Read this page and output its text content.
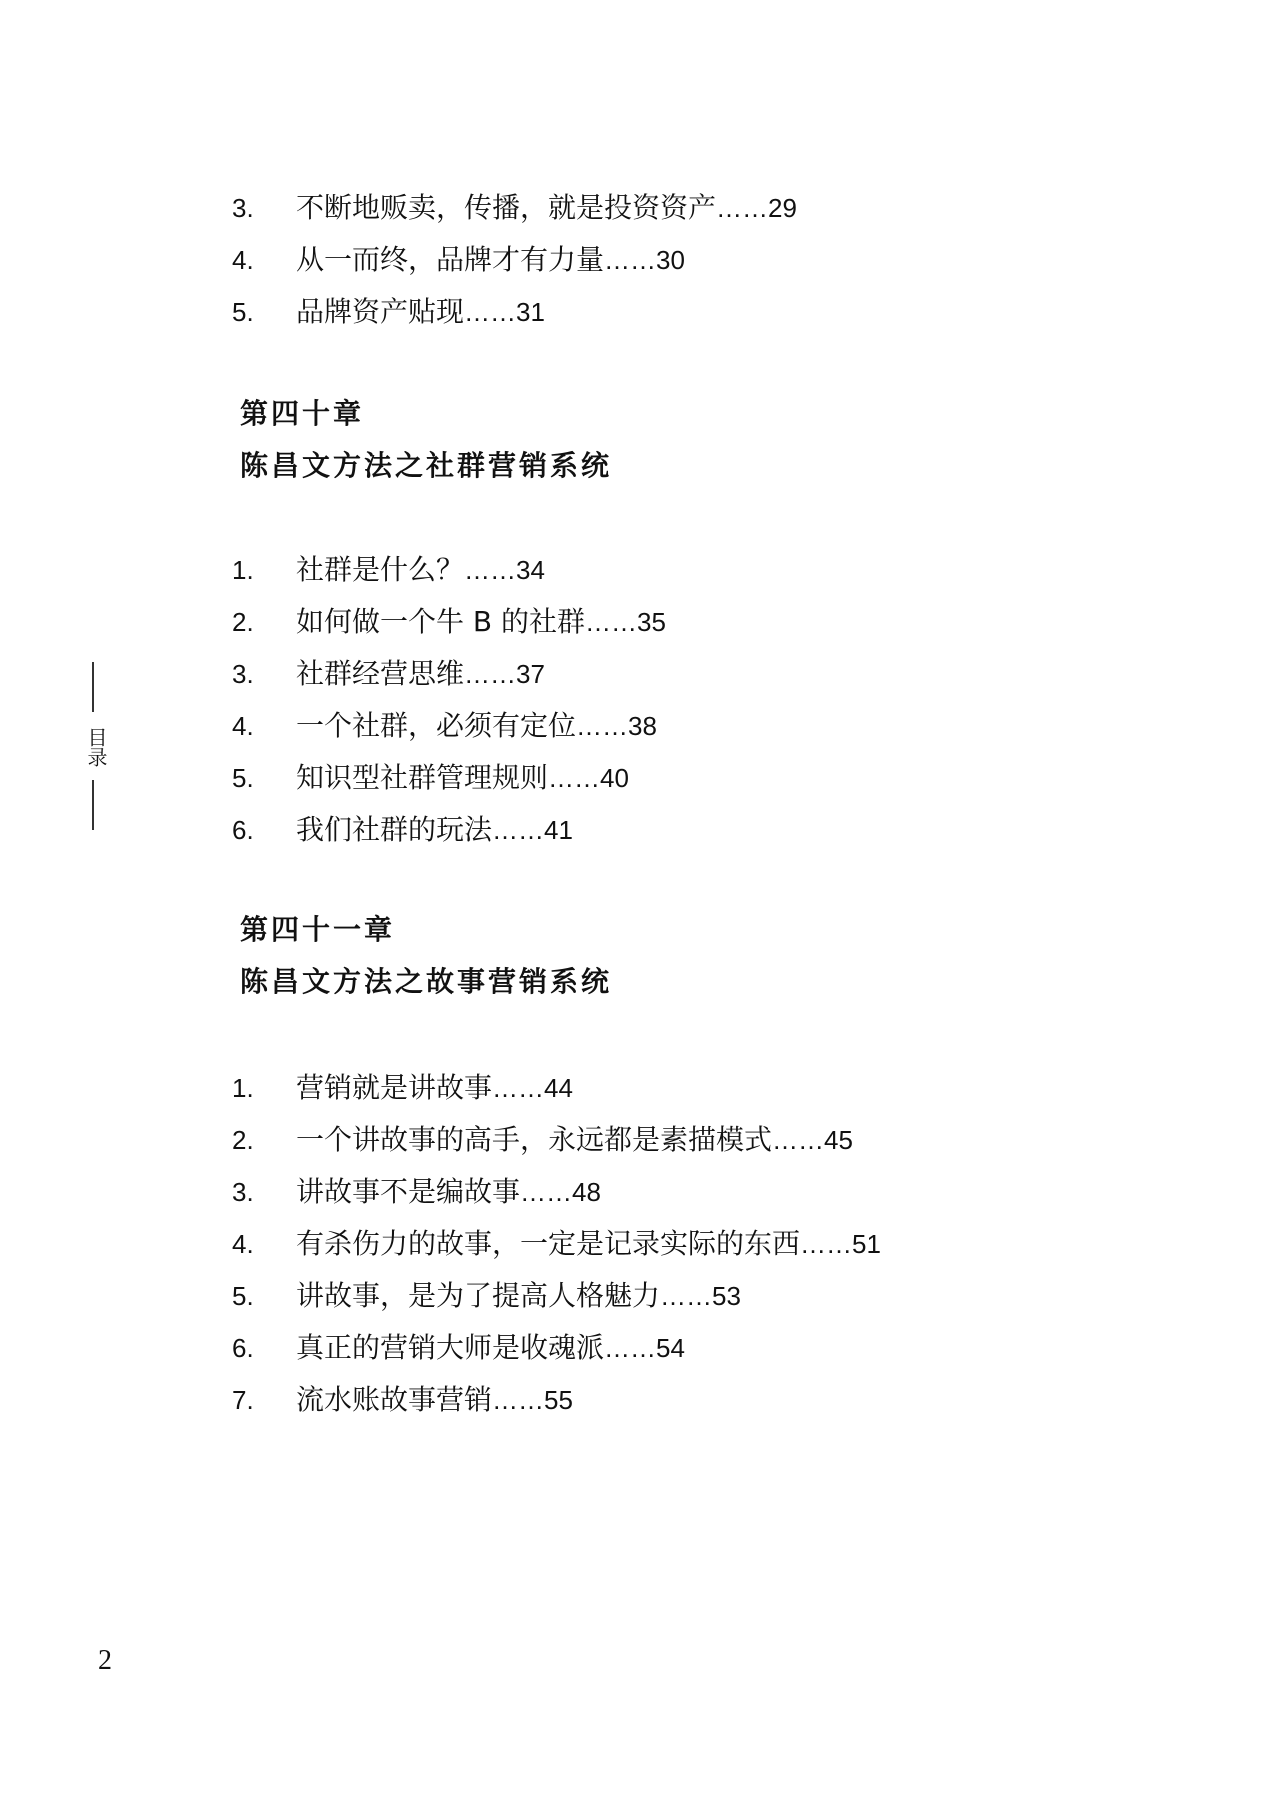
3. 不断地贩卖，传播，就是投资资产……29
4. 从一而终，品牌才有力量……30
5. 品牌资产贴现……31
第四十章
陈昌文方法之社群营销系统
1. 社群是什么？……34
2. 如何做一个牛 B 的社群……35
3. 社群经营思维……37
4. 一个社群，必须有定位……38
5. 知识型社群管理规则……40
6. 我们社群的玩法……41
第四十一章
陈昌文方法之故事营销系统
1. 营销就是讲故事……44
2. 一个讲故事的高手，永远都是素描模式……45
3. 讲故事不是编故事……48
4. 有杀伤力的故事，一定是记录实际的东西……51
5. 讲故事，是为了提高人格魅力……53
6. 真正的营销大师是收魂派……54
7. 流水账故事营销……55
目录
2
